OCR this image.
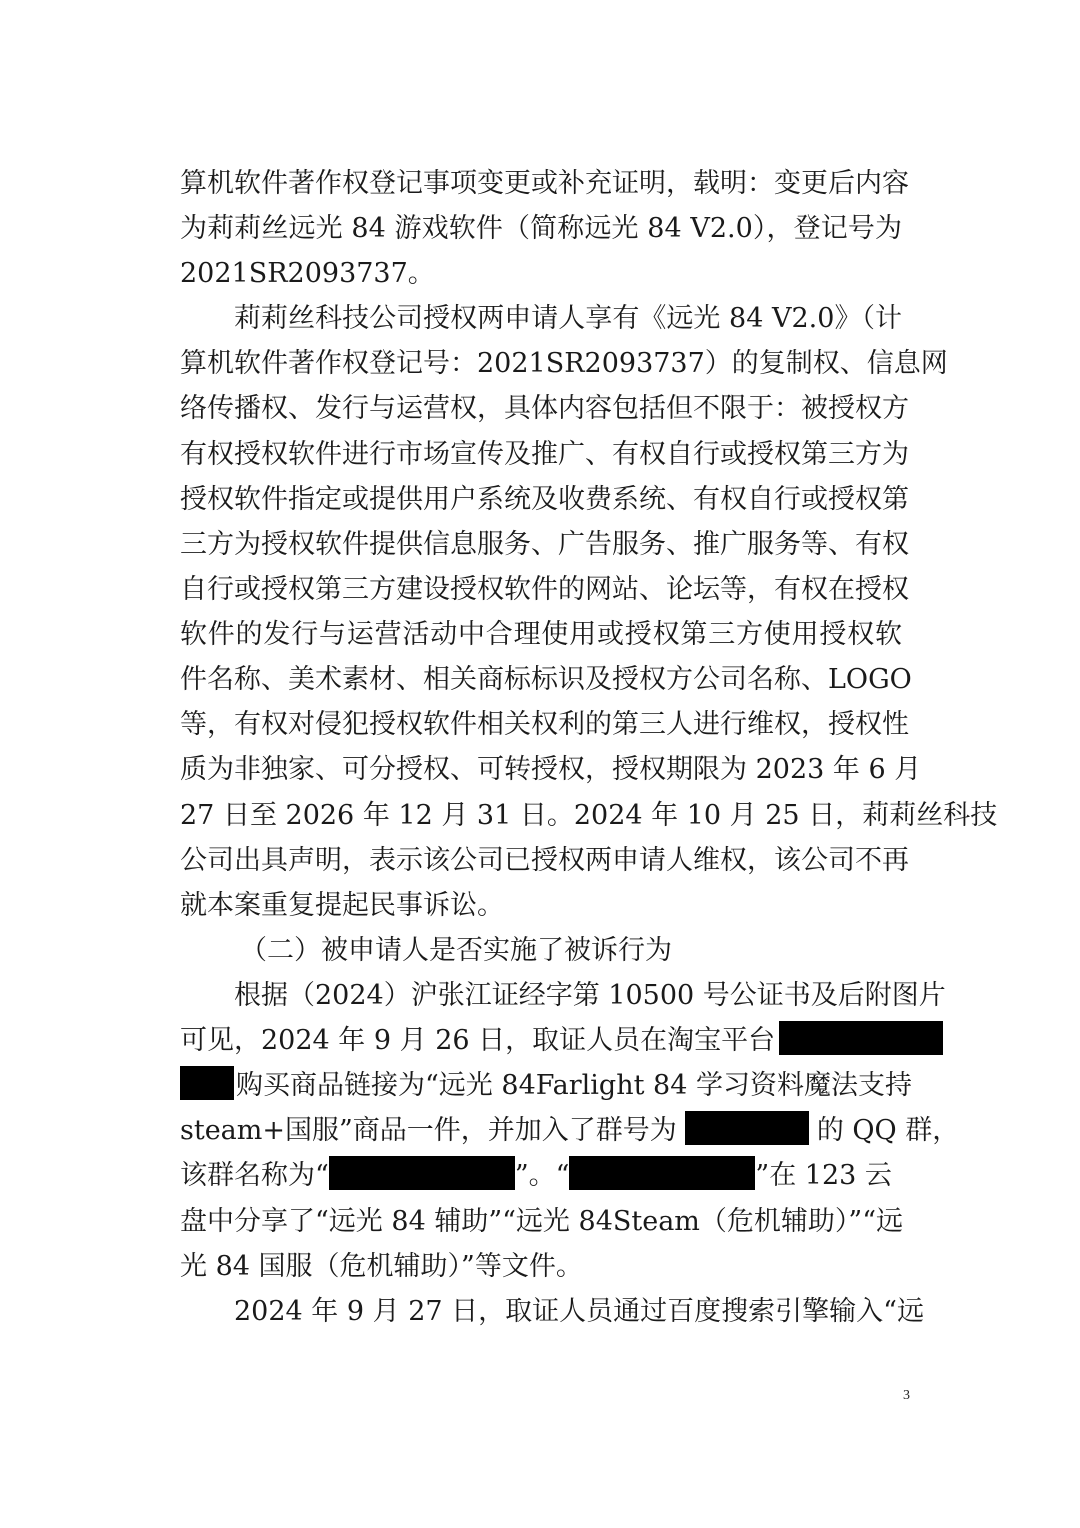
算机软件著作权登记事项变更或补充证明，载明：变更后内容
为莉莉丝远光 84 游戏软件（简称远光 84 V2.0），登记号为
2021SR2093737。
莉莉丝科技公司授权两申请人享有《远光 84 V2.0》（计
算机软件著作权登记号：2021SR2093737）的复制权、信息网
络传播权、发行与运营权，具体内容包括但不限于：被授权方
有权授权软件进行市场宣传及推广、有权自行或授权第三方为
授权软件指定或提供用户系统及收费系统、有权自行或授权第
三方为授权软件提供信息服务、广告服务、推广服务等、有权
自行或授权第三方建设授权软件的网站、论坛等，有权在授权
软件的发行与运营活动中合理使用或授权第三方使用授权软
件名称、美术素材、相关商标标识及授权方公司名称、LOGO
等，有权对侵犯授权软件相关权利的第三人进行维权，授权性
质为非独家、可分授权、可转授权，授权期限为 2023 年 6 月
27 日至 2026 年 12 月 31 日。2024 年 10 月 25 日，莉莉丝科技
公司出具声明，表示该公司已授权两申请人维权，该公司不再
就本案重复提起民事诉讼。
（二）被申请人是否实施了被诉行为
根据（2024）沪张江证经字第 10500 号公证书及后附图片
可见，2024 年 9 月 26 日，取证人员在淘宝平台
购买商品链接为“远光 84Farlight 84 学习资料魔法支持
steam+国服”商品一件，并加入了群号为	的 QQ 群，
该群名称为“	”。“	”在 123 云
盘中分享了“远光 84 辅助”“远光 84Steam（危机辅助）”“远
光 84 国服（危机辅助）”等文件。
2024 年 9 月 27 日，取证人员通过百度搜索引擎输入“远
3
